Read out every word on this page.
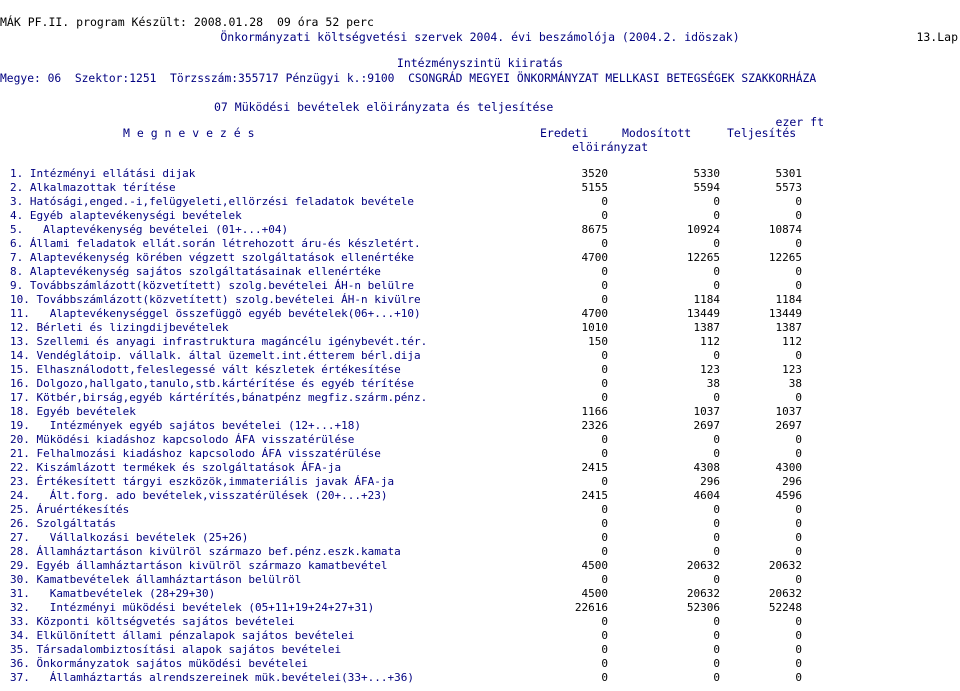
MÁK PF.II. program Készült: 2008.01.28  09 óra 52 perc

13.Lap

Önkormányzati költségvetési szervek 2004. évi beszámolója (2004.2. idöszak)

Intézményszintü kiiratás

Megye: 06  Szektor:1251  Törzsszám:355717 Pénzügyi k.:9100  CSONGRÁD MEGYEI ÖNKORMÁNYZAT MELLKASI BETEGSÉGEK SZAKKORHÁZA

07 Müködési bevételek elöirányzata és teljesítése

ezer ft

M e g n e v e z é s	Eredeti
elöirányzat
Modosított	Teljesítés
1. Intézményi ellátási dijak	3520	5330	5301
2. Alkalmazottak térítése	5155	5594	5573
3. Hatósági,enged.-i,felügyeleti,ellörzési feladatok bevétele	0	0	0
4. Egyéb alaptevékenységi bevételek	0	0	0
5.   Alaptevékenység bevételei (01+...+04)	8675	10924	10874
6. Állami feladatok ellát.során létrehozott áru-és készletért.	0	0	0
7. Alaptevékenység körében végzett szolgáltatások ellenértéke	4700	12265	12265
8. Alaptevékenység sajátos szolgáltatásainak ellenértéke	0	0	0
9. Továbbszámlázott(közvetített) szolg.bevételei ÁH-n belülre	0	0	0
10. Továbbszámlázott(közvetített) szolg.bevételei ÁH-n kivülre	0	1184	1184
11.   Alaptevékenységgel összefüggö egyéb bevételek(06+...+10)	4700	13449	13449
12. Bérleti és lizingdijbevételek	1010	1387	1387
13. Szellemi és anyagi infrastruktura magáncélu igénybevét.tér.	150	112	112
14. Vendéglátoip. vállalk. által üzemelt.int.étterem bérl.dija	0	0	0
15. Elhasználodott,feleslegessé vált készletek értékesítése	0	123	123
16. Dolgozo,hallgato,tanulo,stb.kártérítése és egyéb térítése	0	38	38
17. Kötbér,birság,egyéb kártérítés,bánatpénz megfiz.szárm.pénz.	0	0	0
18. Egyéb bevételek	1166	1037	1037
19.   Intézmények egyéb sajátos bevételei (12+...+18)	2326	2697	2697
20. Müködési kiadáshoz kapcsolodo ÁFA visszatérülése	0	0	0
21. Felhalmozási kiadáshoz kapcsolodo ÁFA visszatérülése	0	0	0
22. Kiszámlázott termékek és szolgáltatások ÁFA-ja	2415	4308	4300
23. Értékesített tárgyi eszközök,immateriális javak ÁFA-ja	0	296	296
24.   Ált.forg. ado bevételek,visszatérülések (20+...+23)	2415	4604	4596
25. Áruértékesítés	0	0	0
26. Szolgáltatás	0	0	0
27.   Vállalkozási bevételek (25+26)	0	0	0
28. Államháztartáson kivülröl származo bef.pénz.eszk.kamata	0	0	0
29. Egyéb államháztartáson kivülröl származo kamatbevétel	4500	20632	20632
30. Kamatbevételek államháztartáson belülröl	0	0	0
31.   Kamatbevételek (28+29+30)	4500	20632	20632
32.   Intézményi müködési bevételek (05+11+19+24+27+31)	22616	52306	52248
33. Központi költségvetés sajátos bevételei	0	0	0
34. Elkülönített állami pénzalapok sajátos bevételei	0	0	0
35. Társadalombiztosítási alapok sajátos bevételei	0	0	0
36. Önkormányzatok sajátos müködési bevételei	0	0	0
37.   Államháztartás alrendszereinek mük.bevételei(33+...+36)	0	0	0
